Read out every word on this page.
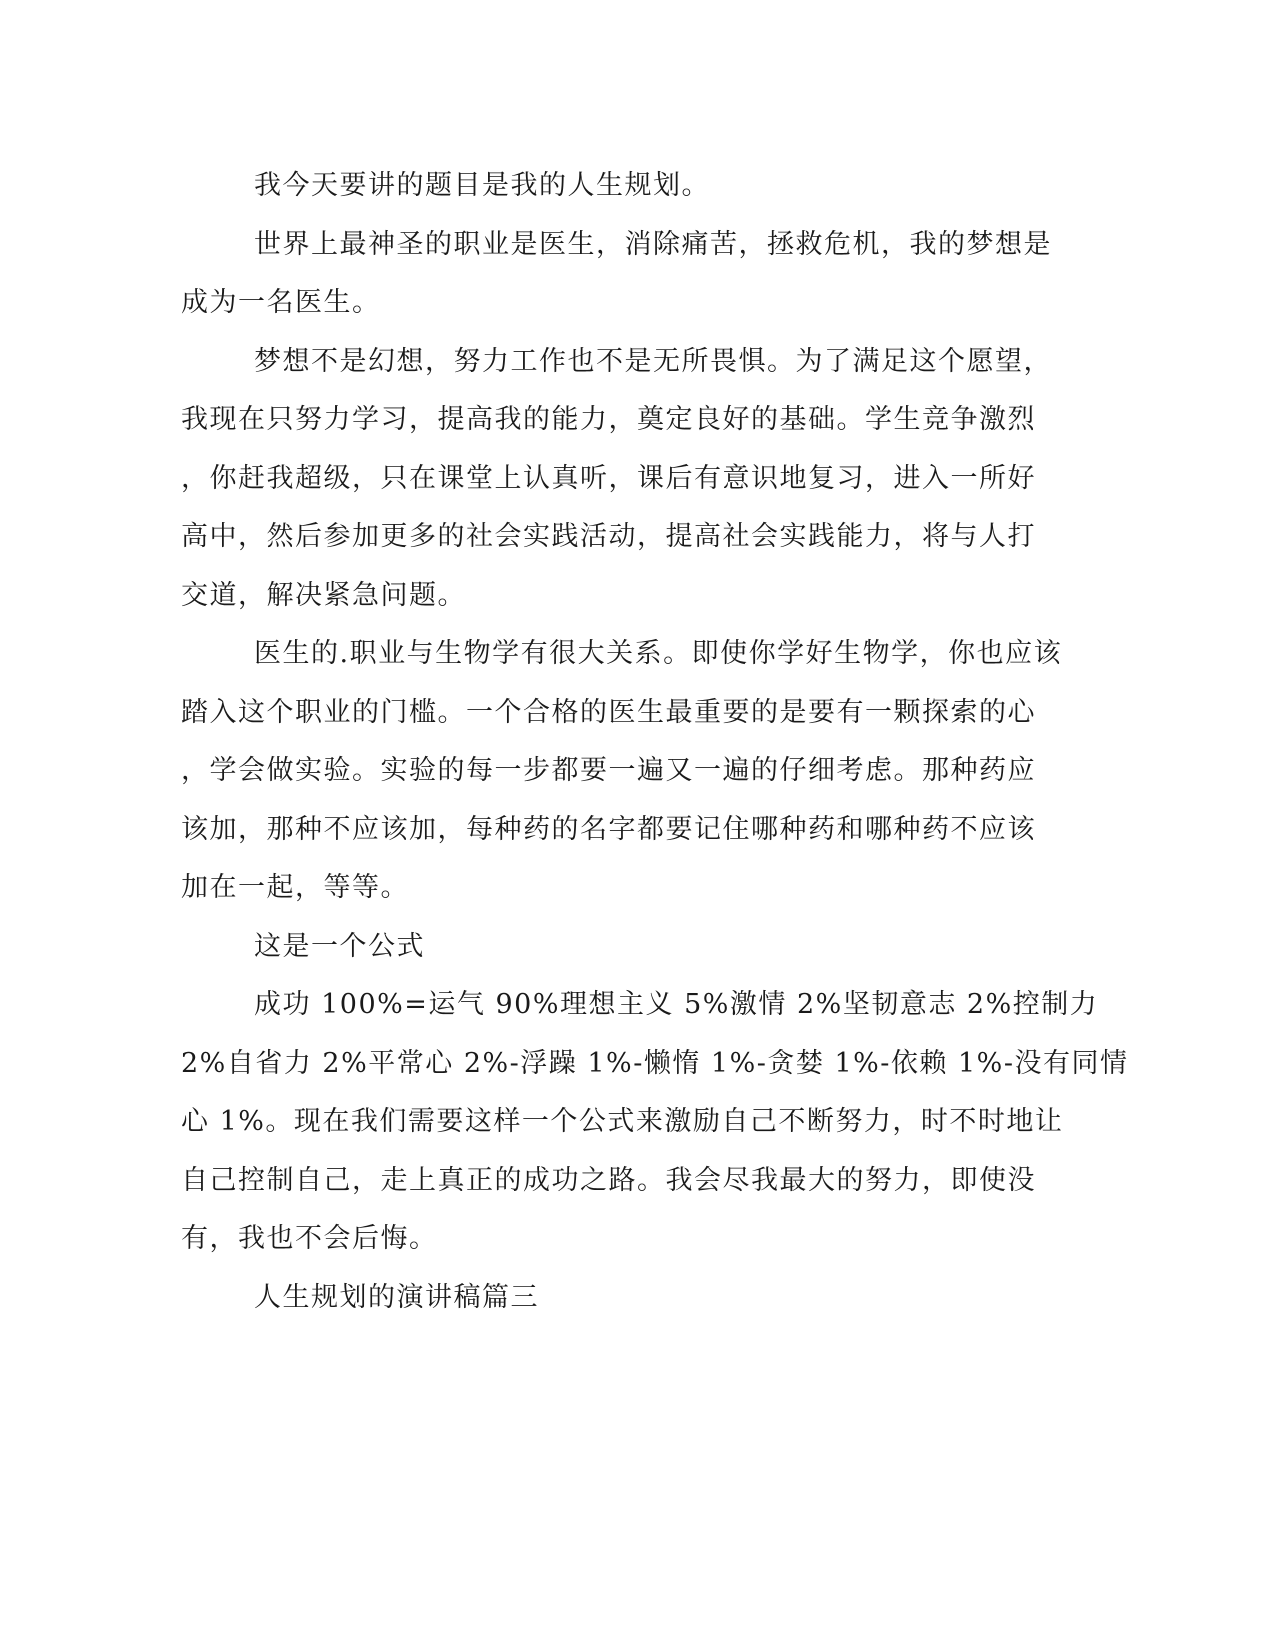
我今天要讲的题目是我的人生规划。

世界上最神圣的职业是医生，消除痛苦，拯救危机，我的梦想是
成为一名医生。

梦想不是幻想，努力工作也不是无所畏惧。为了满足这个愿望，
我现在只努力学习，提高我的能力，奠定良好的基础。学生竞争激烈
，你赶我超级，只在课堂上认真听，课后有意识地复习，进入一所好
高中，然后参加更多的社会实践活动，提高社会实践能力，将与人打
交道，解决紧急问题。

医生的.职业与生物学有很大关系。即使你学好生物学，你也应该
踏入这个职业的门槛。一个合格的医生最重要的是要有一颗探索的心
，学会做实验。实验的每一步都要一遍又一遍的仔细考虑。那种药应
该加，那种不应该加，每种药的名字都要记住哪种药和哪种药不应该
加在一起，等等。

这是一个公式

成功 100%=运气 90%理想主义 5%激情 2%坚韧意志 2%控制力
2%自省力 2%平常心 2%-浮躁 1%-懒惰 1%-贪婪 1%-依赖 1%-没有同情
心 1%。现在我们需要这样一个公式来激励自己不断努力，时不时地让
自己控制自己，走上真正的成功之路。我会尽我最大的努力，即使没
有，我也不会后悔。

人生规划的演讲稿篇三
